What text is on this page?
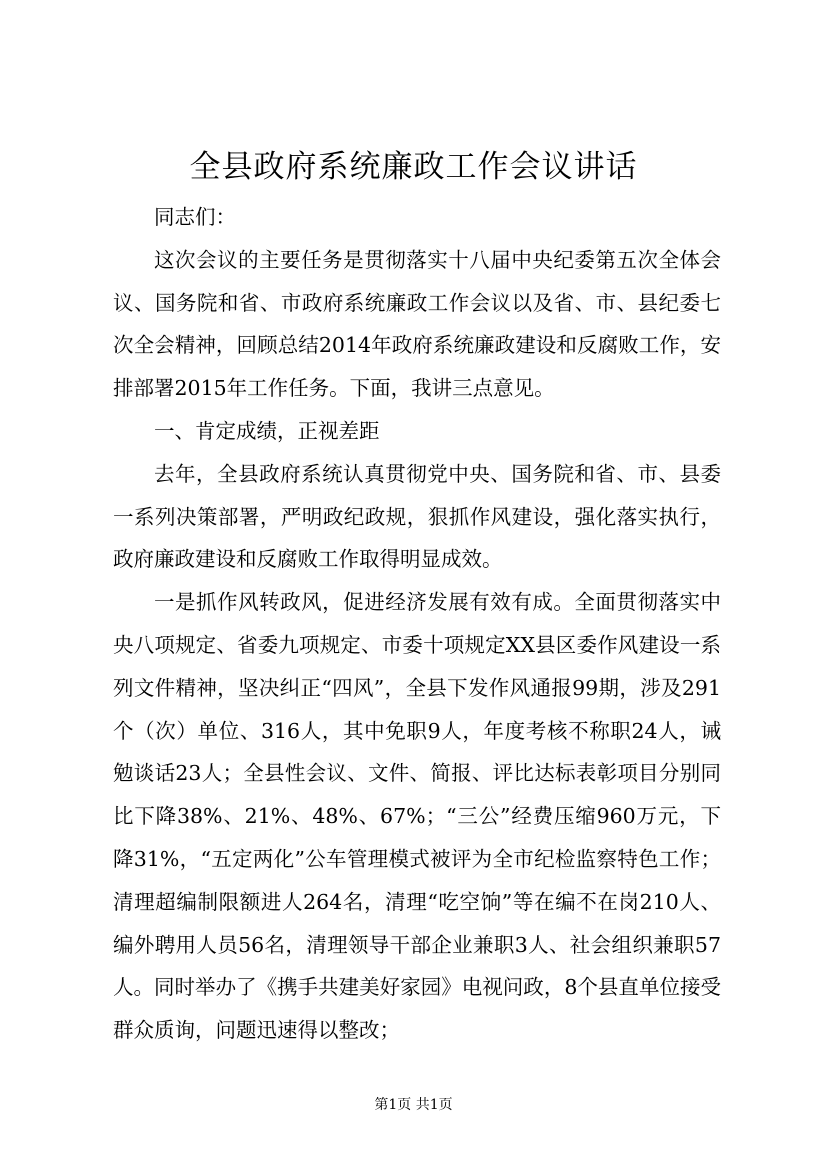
全县政府系统廉政工作会议讲话

同志们：

这次会议的主要任务是贯彻落实十八届中央纪委第五次全体会议、国务院和省、市政府系统廉政工作会议以及省、市、县纪委七次全会精神，回顾总结2014年政府系统廉政建设和反腐败工作，安排部署2015年工作任务。下面，我讲三点意见。

一、肯定成绩，正视差距

去年，全县政府系统认真贯彻党中央、国务院和省、市、县委一系列决策部署，严明政纪政规，狠抓作风建设，强化落实执行，政府廉政建设和反腐败工作取得明显成效。

一是抓作风转政风，促进经济发展有效有成。全面贯彻落实中央八项规定、省委九项规定、市委十项规定XX县区委作风建设一系列文件精神，坚决纠正“四风”，全县下发作风通报99期，涉及291个（次）单位、316人，其中免职9人，年度考核不称职24人，诫勉谈话23人；全县性会议、文件、简报、评比达标表彰项目分别同比下降38%、21%、48%、67%；“三公”经费压缩960万元，下降31%，“五定两化”公车管理模式被评为全市纪检监察特色工作；清理超编制限额进人264名，清理“吃空饷”等在编不在岗210人、编外聘用人员56名，清理领导干部企业兼职3人、社会组织兼职57人。同时举办了《携手共建美好家园》电视问政，8个县直单位接受群众质询，问题迅速得以整改；

第1页 共1页
